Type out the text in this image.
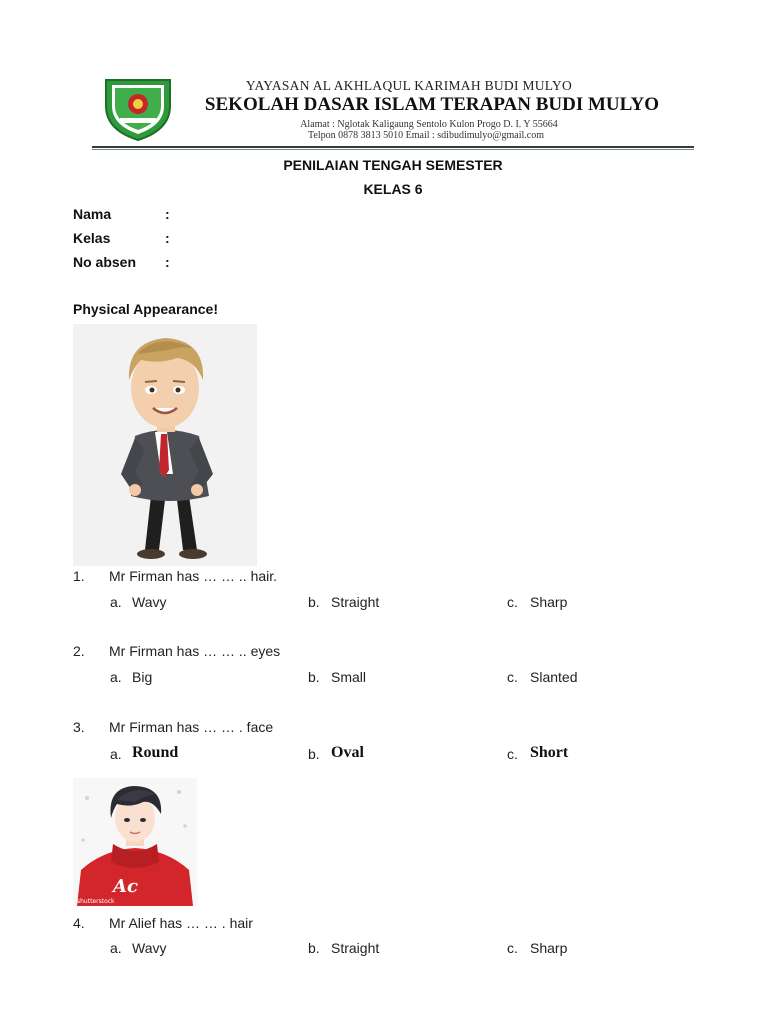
YAYASAN AL AKHLAQUL KARIMAH BUDI MULYO
SEKOLAH DASAR ISLAM TERAPAN BUDI MULYO
Alamat : Nglotak Kaligaung Sentolo Kulon Progo D. I. Y 55664
Telpon 0878 3813 5010 Email : sdibudimulyo@gmail.com
PENILAIAN TENGAH SEMESTER
KELAS 6
Nama	:
Kelas	:
No absen :
Physical Appearance!
1. Mr Firman has … … .. hair.
a. Wavy	b. Straight	c. Sharp
2. Mr Firman has … … .. eyes
a. Big	b. Small	c. Slanted
3. Mr Firman has … … . face
a. Round	b. Oval	c. Short
Ac
shutterstock
4. Mr Alief has … … . hair
a. Wavy	b. Straight	c. Sharp
